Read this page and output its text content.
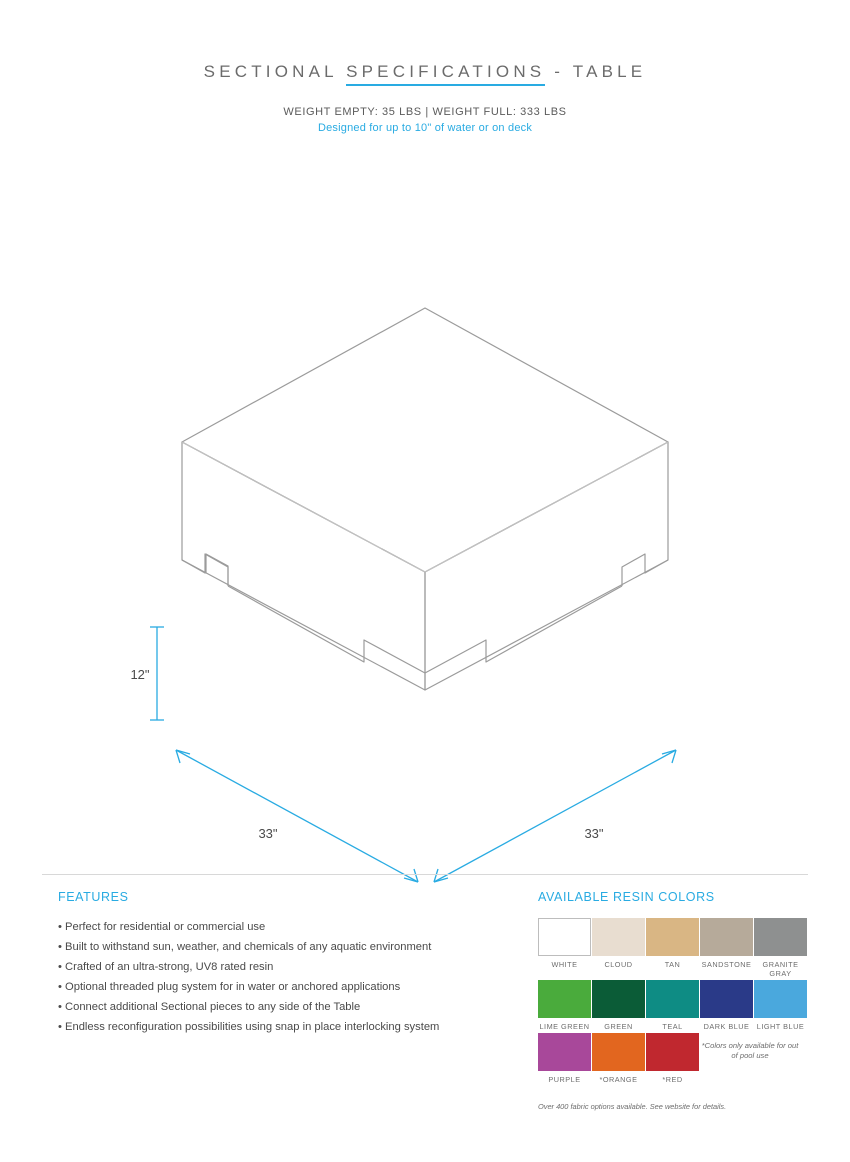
SECTIONAL SPECIFICATIONS - TABLE
WEIGHT EMPTY: 35 LBS | WEIGHT FULL: 333 LBS
Designed for up to 10" of water or on deck
12"
33"	33"
FEATURES
• Perfect for residential or commercial use
• Built to withstand sun, weather, and chemicals of any aquatic environment
• Crafted of an ultra-strong, UV8 rated resin
• Optional threaded plug system for in water or anchored applications
• Connect additional Sectional pieces to any side of the Table
• Endless reconfiguration possibilities using snap in place interlocking system
AVAILABLE RESIN COLORS
WHITE	CLOUD	TAN	SANDSTONE	GRANITE GRAY
LIME GREEN	GREEN	TEAL	DARK BLUE	LIGHT BLUE
PURPLE	*ORANGE	*RED
*Colors only available for out of pool use
Over 400 fabric options available. See website for details.
